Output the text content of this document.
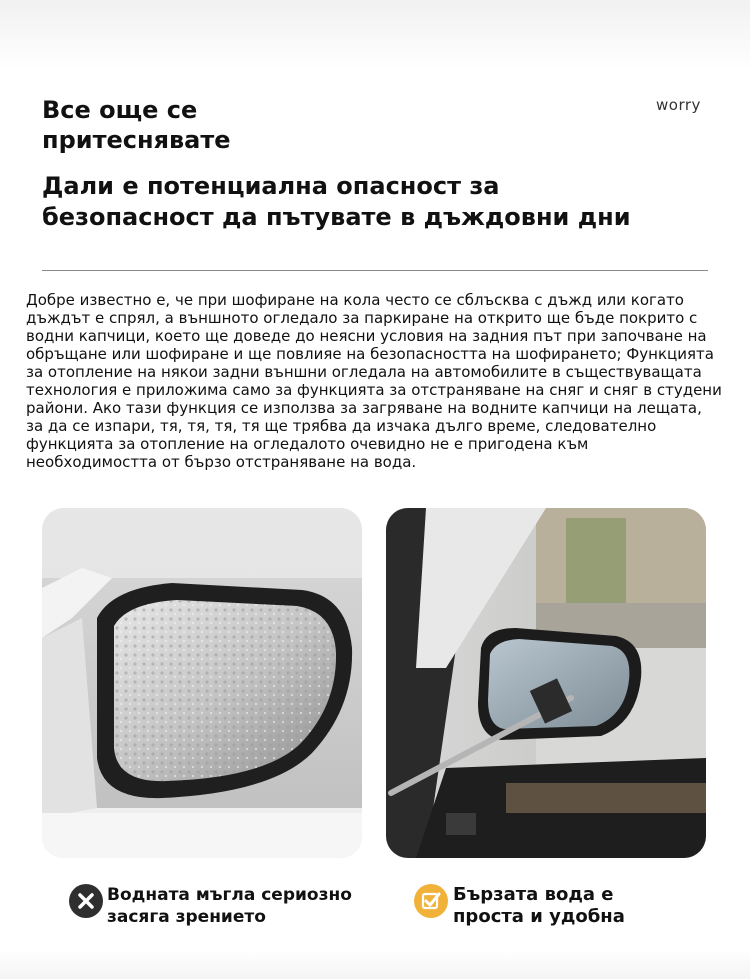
Все още се
притеснявате
worry
Дали е потенциална опасност за
безопасност да пътувате в дъждовни дни
Добре известно е, че при шофиране на кола често се сблъсква с дъжд или когато
дъждът е спрял, а външното огледало за паркиране на открито ще бъде покрито с
водни капчици, което ще доведе до неясни условия на задния път при започване на
обръщане или шофиране и ще повлияе на безопасността на шофирането; Функцията
за отопление на някои задни външни огледала на автомобилите в съществуващата
технология е приложима само за функцията за отстраняване на сняг и сняг в студени
райони. Ако тази функция се използва за загряване на водните капчици на лещата,
за да се изпари, тя, тя, тя, тя ще трябва да изчака дълго време, следователно
функцията за отопление на огледалото очевидно не е пригодена към
необходимостта от бързо отстраняване на вода.
Водната мъгла сериозно
засяга зрението
Бързата вода е
проста и удобна
